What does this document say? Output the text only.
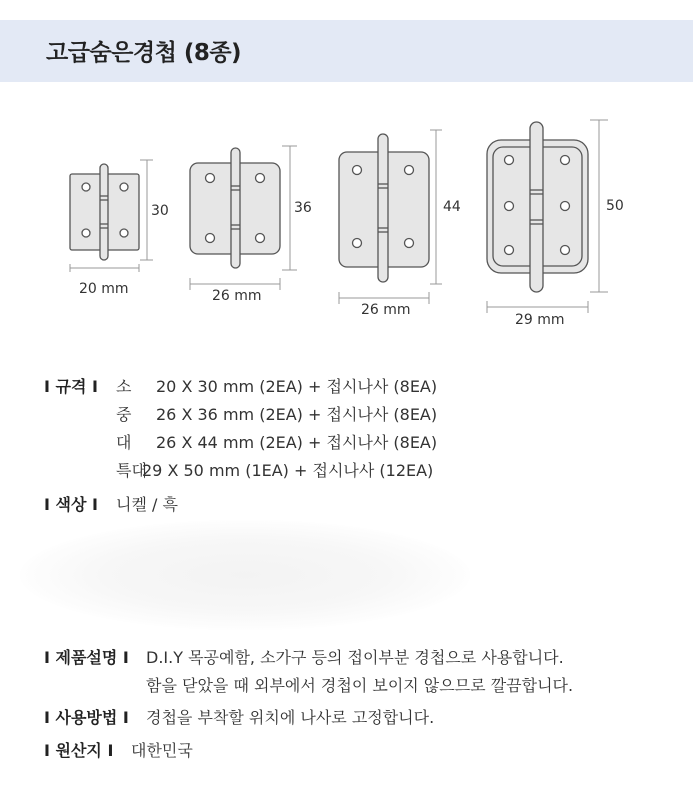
고급숨은경첩 (8종)
30
20 mm
36
26 mm
44
26 mm
50
29 mm
I 규격 I 소 20 X 30 mm (2EA) + 접시나사 (8EA)
중 26 X 36 mm (2EA) + 접시나사 (8EA)
대 26 X 44 mm (2EA) + 접시나사 (8EA)
특대
29 X 50 mm (1EA) + 접시나사 (12EA)
I 색상 I 니켈 / 흑
I 제품설명 I D.I.Y 목공예함, 소가구 등의 접이부분 경첩으로 사용합니다.
함을 닫았을 때 외부에서 경첩이 보이지 않으므로 깔끔합니다.
I 사용방법 I 경첩을 부착할 위치에 나사로 고정합니다.
I 원산지 I 대한민국
